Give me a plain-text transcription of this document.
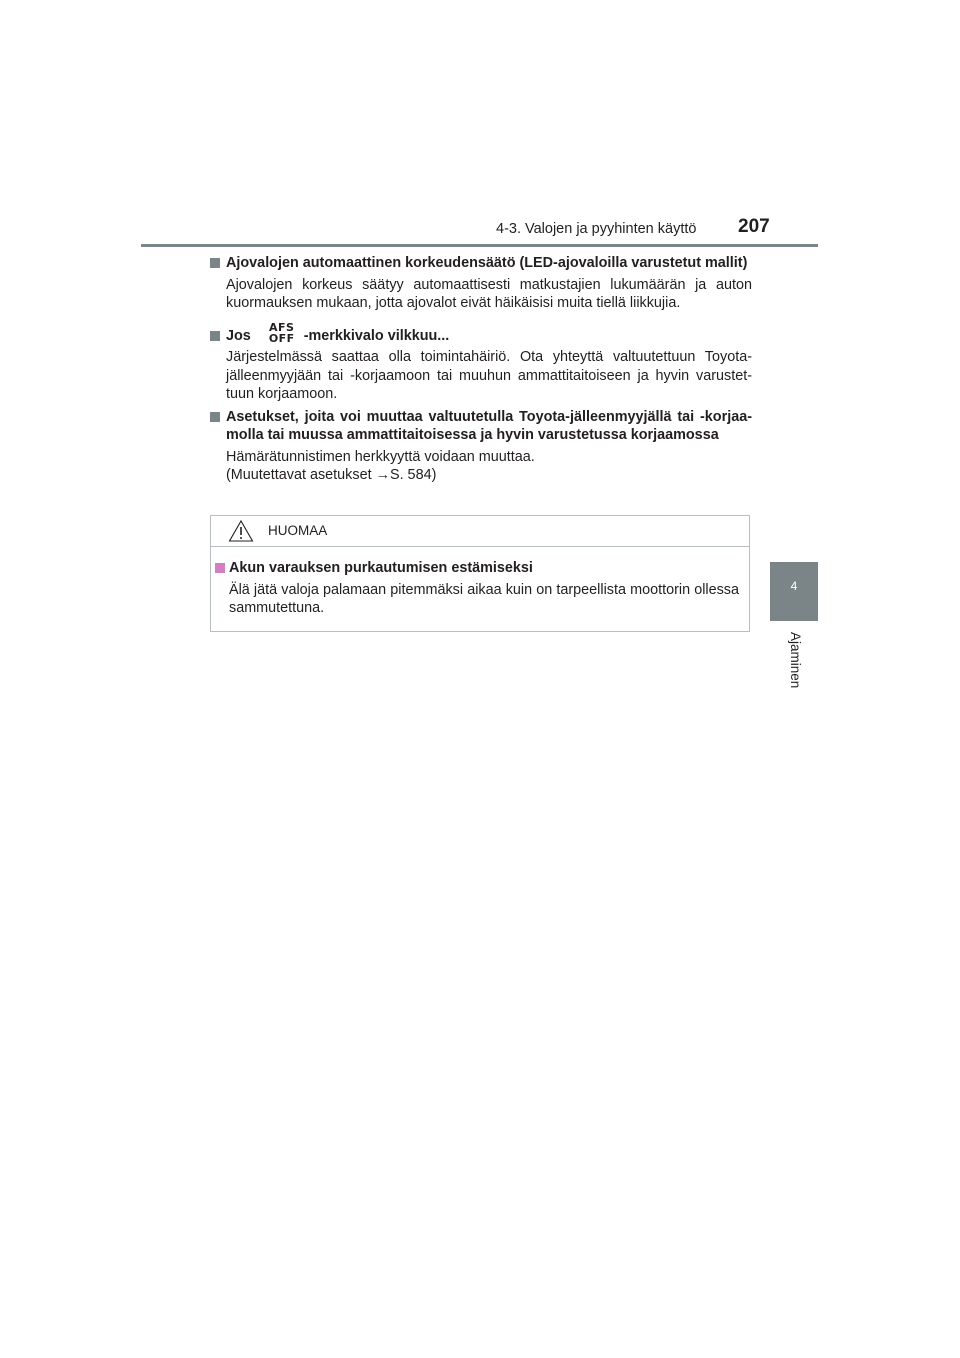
4-3. Valojen ja pyyhinten käyttö 207
4
Ajaminen
Ajovalojen automaattinen korkeudensäätö (LED-ajovaloilla varustetut mallit)
Ajovalojen korkeus säätyy automaattisesti matkustajien lukumäärän ja auton kuormauksen mukaan, jotta ajovalot eivät häikäisisi muita tiellä liikkujia.
JosAFS
OFF -merkkivalo vilkkuu...
Järjestelmässä saattaa olla toimintahäiriö. Ota yhteyttä valtuutettuun Toyota-jälleenmyyjään tai -korjaamoon tai muuhun ammattitaitoiseen ja hyvin varustet-tuun korjaamoon.
Asetukset, joita voi muuttaa valtuutetulla Toyota-jälleenmyyjällä tai -korjaa-molla tai muussa ammattitaitoisessa ja hyvin varustetussa korjaamossa
Hämärätunnistimen herkkyyttä voidaan muuttaa.
(Muutettavat asetukset →S. 584)
HUOMAA
Akun varauksen purkautumisen estämiseksi
Älä jätä valoja palamaan pitemmäksi aikaa kuin on tarpeellista moottorin ollessa sammutettuna.
